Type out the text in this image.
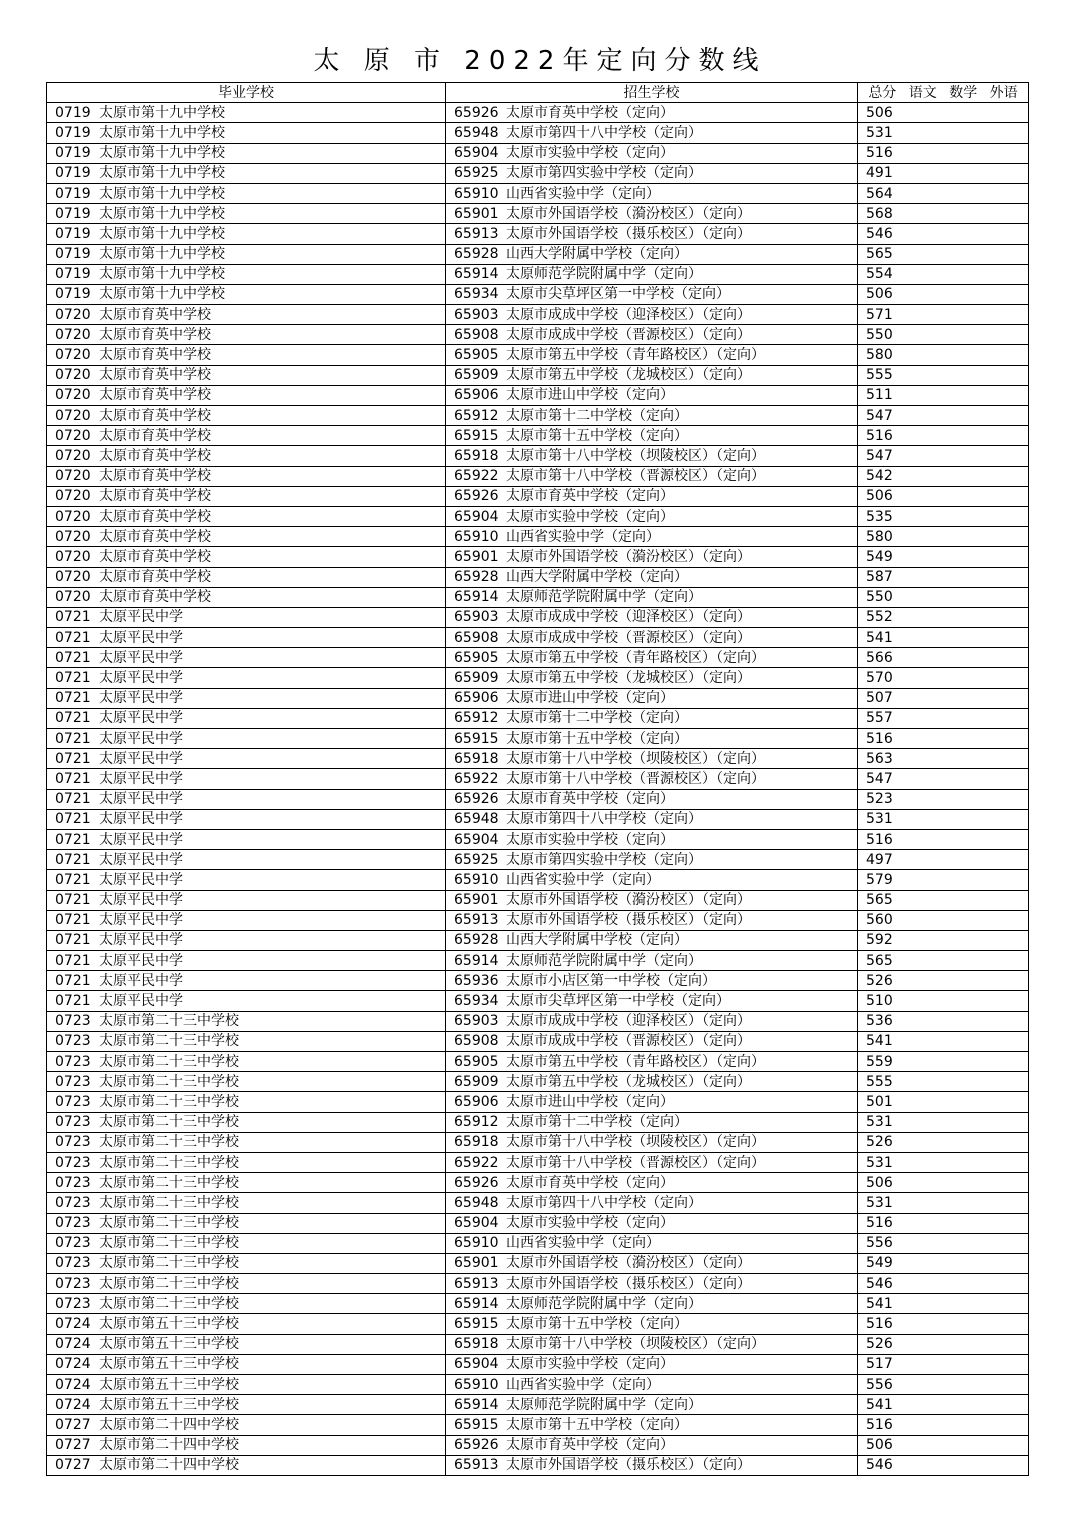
太 原 市 2022年定向分数线
毕业学校	招生学校	总分 语文 数学 外语
0719 太原市第十九中学校	65926 太原市育英中学校（定向）	506
0719 太原市第十九中学校	65948 太原市第四十八中学校（定向）	531
0719 太原市第十九中学校	65904 太原市实验中学校（定向）	516
0719 太原市第十九中学校	65925 太原市第四实验中学校（定向）	491
0719 太原市第十九中学校	65910 山西省实验中学（定向）	564
0719 太原市第十九中学校	65901 太原市外国语学校（漪汾校区）（定向）	568
0719 太原市第十九中学校	65913 太原市外国语学校（摄乐校区）（定向）	546
0719 太原市第十九中学校	65928 山西大学附属中学校（定向）	565
0719 太原市第十九中学校	65914 太原师范学院附属中学（定向）	554
0719 太原市第十九中学校	65934 太原市尖草坪区第一中学校（定向）	506
0720 太原市育英中学校	65903 太原市成成中学校（迎泽校区）（定向）	571
0720 太原市育英中学校	65908 太原市成成中学校（晋源校区）（定向）	550
0720 太原市育英中学校	65905 太原市第五中学校（青年路校区）（定向）	580
0720 太原市育英中学校	65909 太原市第五中学校（龙城校区）（定向）	555
0720 太原市育英中学校	65906 太原市进山中学校（定向）	511
0720 太原市育英中学校	65912 太原市第十二中学校（定向）	547
0720 太原市育英中学校	65915 太原市第十五中学校（定向）	516
0720 太原市育英中学校	65918 太原市第十八中学校（坝陵校区）（定向）	547
0720 太原市育英中学校	65922 太原市第十八中学校（晋源校区）（定向）	542
0720 太原市育英中学校	65926 太原市育英中学校（定向）	506
0720 太原市育英中学校	65904 太原市实验中学校（定向）	535
0720 太原市育英中学校	65910 山西省实验中学（定向）	580
0720 太原市育英中学校	65901 太原市外国语学校（漪汾校区）（定向）	549
0720 太原市育英中学校	65928 山西大学附属中学校（定向）	587
0720 太原市育英中学校	65914 太原师范学院附属中学（定向）	550
0721 太原平民中学	65903 太原市成成中学校（迎泽校区）（定向）	552
0721 太原平民中学	65908 太原市成成中学校（晋源校区）（定向）	541
0721 太原平民中学	65905 太原市第五中学校（青年路校区）（定向）	566
0721 太原平民中学	65909 太原市第五中学校（龙城校区）（定向）	570
0721 太原平民中学	65906 太原市进山中学校（定向）	507
0721 太原平民中学	65912 太原市第十二中学校（定向）	557
0721 太原平民中学	65915 太原市第十五中学校（定向）	516
0721 太原平民中学	65918 太原市第十八中学校（坝陵校区）（定向）	563
0721 太原平民中学	65922 太原市第十八中学校（晋源校区）（定向）	547
0721 太原平民中学	65926 太原市育英中学校（定向）	523
0721 太原平民中学	65948 太原市第四十八中学校（定向）	531
0721 太原平民中学	65904 太原市实验中学校（定向）	516
0721 太原平民中学	65925 太原市第四实验中学校（定向）	497
0721 太原平民中学	65910 山西省实验中学（定向）	579
0721 太原平民中学	65901 太原市外国语学校（漪汾校区）（定向）	565
0721 太原平民中学	65913 太原市外国语学校（摄乐校区）（定向）	560
0721 太原平民中学	65928 山西大学附属中学校（定向）	592
0721 太原平民中学	65914 太原师范学院附属中学（定向）	565
0721 太原平民中学	65936 太原市小店区第一中学校（定向）	526
0721 太原平民中学	65934 太原市尖草坪区第一中学校（定向）	510
0723 太原市第二十三中学校	65903 太原市成成中学校（迎泽校区）（定向）	536
0723 太原市第二十三中学校	65908 太原市成成中学校（晋源校区）（定向）	541
0723 太原市第二十三中学校	65905 太原市第五中学校（青年路校区）（定向）	559
0723 太原市第二十三中学校	65909 太原市第五中学校（龙城校区）（定向）	555
0723 太原市第二十三中学校	65906 太原市进山中学校（定向）	501
0723 太原市第二十三中学校	65912 太原市第十二中学校（定向）	531
0723 太原市第二十三中学校	65918 太原市第十八中学校（坝陵校区）（定向）	526
0723 太原市第二十三中学校	65922 太原市第十八中学校（晋源校区）（定向）	531
0723 太原市第二十三中学校	65926 太原市育英中学校（定向）	506
0723 太原市第二十三中学校	65948 太原市第四十八中学校（定向）	531
0723 太原市第二十三中学校	65904 太原市实验中学校（定向）	516
0723 太原市第二十三中学校	65910 山西省实验中学（定向）	556
0723 太原市第二十三中学校	65901 太原市外国语学校（漪汾校区）（定向）	549
0723 太原市第二十三中学校	65913 太原市外国语学校（摄乐校区）（定向）	546
0723 太原市第二十三中学校	65914 太原师范学院附属中学（定向）	541
0724 太原市第五十三中学校	65915 太原市第十五中学校（定向）	516
0724 太原市第五十三中学校	65918 太原市第十八中学校（坝陵校区）（定向）	526
0724 太原市第五十三中学校	65904 太原市实验中学校（定向）	517
0724 太原市第五十三中学校	65910 山西省实验中学（定向）	556
0724 太原市第五十三中学校	65914 太原师范学院附属中学（定向）	541
0727 太原市第二十四中学校	65915 太原市第十五中学校（定向）	516
0727 太原市第二十四中学校	65926 太原市育英中学校（定向）	506
0727 太原市第二十四中学校	65913 太原市外国语学校（摄乐校区）（定向）	546
